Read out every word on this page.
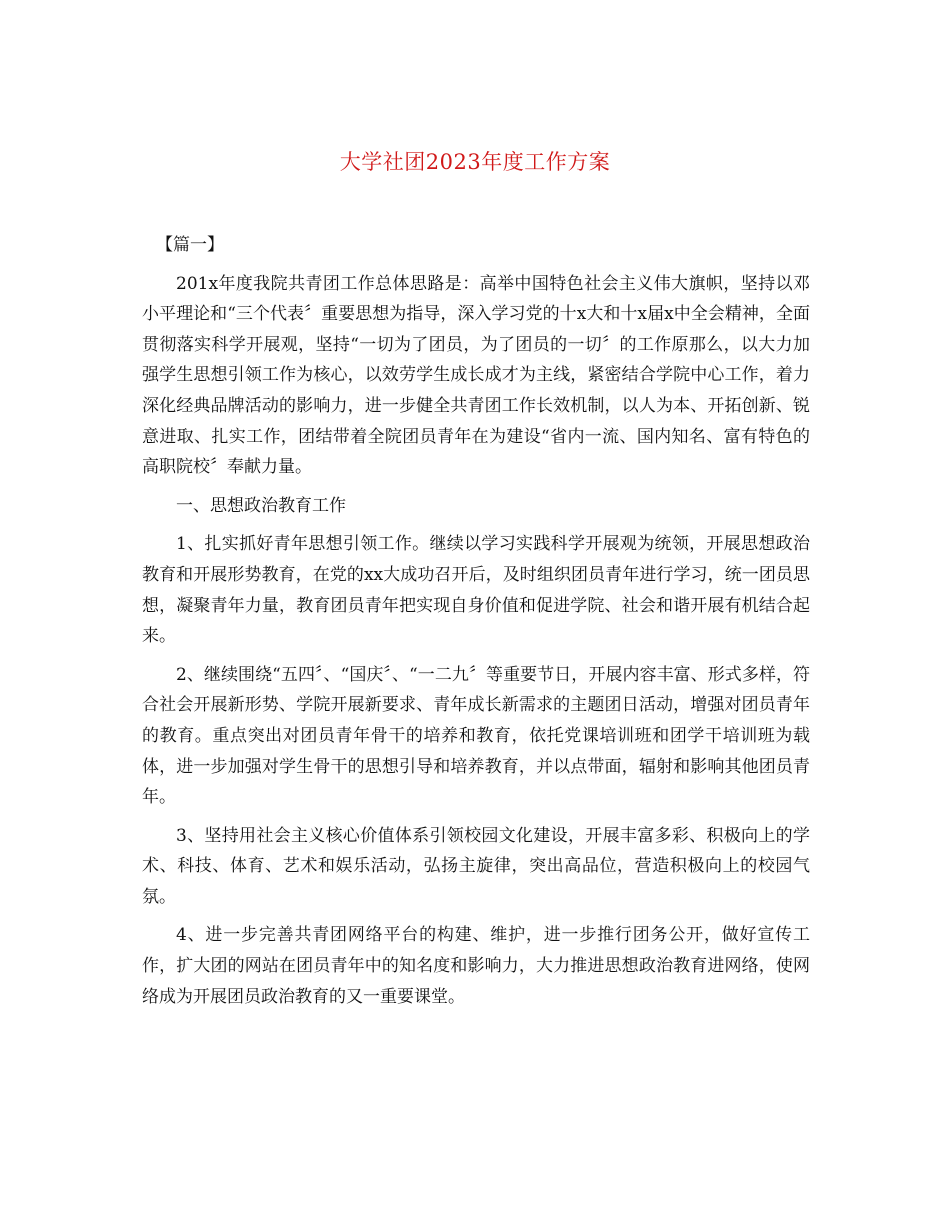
大学社团2023年度工作方案
【篇一】

201x年度我院共青团工作总体思路是：高举中国特色社会主义伟大旗帜，坚持以邓小平理论和“三个代表〞重要思想为指导，深入学习党的十x大和十x届x中全会精神，全面贯彻落实科学开展观，坚持“一切为了团员，为了团员的一切〞的工作原那么，以大力加强学生思想引领工作为核心，以效劳学生成长成才为主线，紧密结合学院中心工作，着力深化经典品牌活动的影响力，进一步健全共青团工作长效机制，以人为本、开拓创新、锐意进取、扎实工作，团结带着全院团员青年在为建设“省内一流、国内知名、富有特色的高职院校〞奉献力量。

一、思想政治教育工作

1、扎实抓好青年思想引领工作。继续以学习实践科学开展观为统领，开展思想政治教育和开展形势教育，在党的xx大成功召开后，及时组织团员青年进行学习，统一团员思想，凝聚青年力量，教育团员青年把实现自身价值和促进学院、社会和谐开展有机结合起来。

2、继续围绕“五四〞、“国庆〞、“一二九〞等重要节日，开展内容丰富、形式多样，符合社会开展新形势、学院开展新要求、青年成长新需求的主题团日活动，增强对团员青年的教育。重点突出对团员青年骨干的培养和教育，依托党课培训班和团学干培训班为载体，进一步加强对学生骨干的思想引导和培养教育，并以点带面，辐射和影响其他团员青年。

3、坚持用社会主义核心价值体系引领校园文化建设，开展丰富多彩、积极向上的学术、科技、体育、艺术和娱乐活动，弘扬主旋律，突出高品位，营造积极向上的校园气氛。

4、进一步完善共青团网络平台的构建、维护，进一步推行团务公开，做好宣传工作，扩大团的网站在团员青年中的知名度和影响力，大力推进思想政治教育进网络，使网络成为开展团员政治教育的又一重要课堂。
